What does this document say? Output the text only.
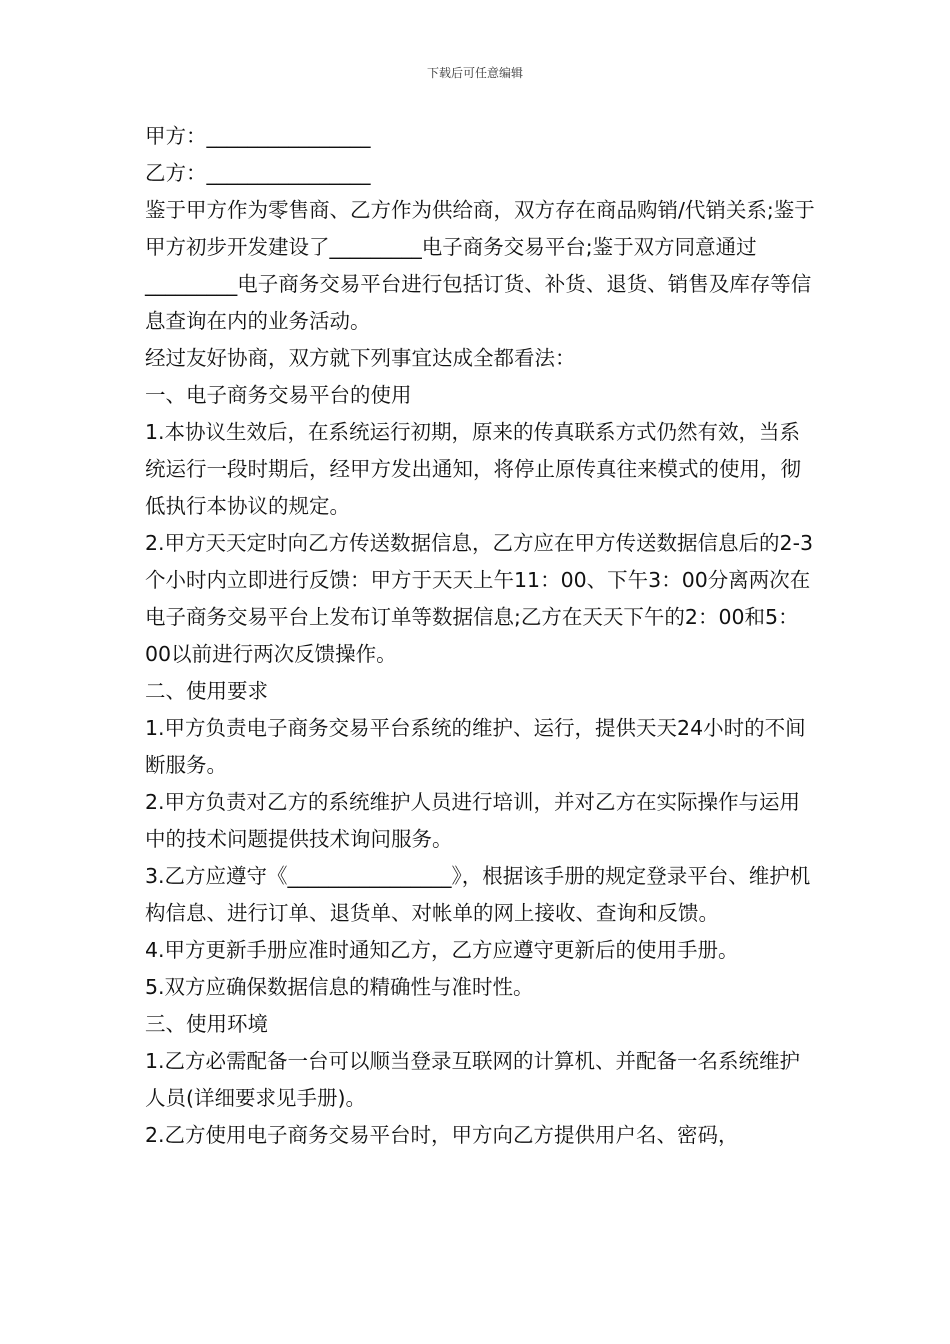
下载后可任意编辑

甲方：________________

乙方：________________

鉴于甲方作为零售商、乙方作为供给商，双方存在商品购销/代销关系;鉴于甲方初步开发建设了_________电子商务交易平台;鉴于双方同意通过_________电子商务交易平台进行包括订货、补货、退货、销售及库存等信息查询在内的业务活动。

经过友好协商，双方就下列事宜达成全都看法：

一、电子商务交易平台的使用

1.本协议生效后，在系统运行初期，原来的传真联系方式仍然有效，当系统运行一段时期后，经甲方发出通知，将停止原传真往来模式的使用，彻低执行本协议的规定。

2.甲方天天定时向乙方传送数据信息，乙方应在甲方传送数据信息后的2-3个小时内立即进行反馈：甲方于天天上午11：00、下午3：00分离两次在电子商务交易平台上发布订单等数据信息;乙方在天天下午的2：00和5：00以前进行两次反馈操作。

二、使用要求

1.甲方负责电子商务交易平台系统的维护、运行，提供天天24小时的不间断服务。

2.甲方负责对乙方的系统维护人员进行培训，并对乙方在实际操作与运用中的技术问题提供技术询问服务。

3.乙方应遵守《________________》，根据该手册的规定登录平台、维护机构信息、进行订单、退货单、对帐单的网上接收、查询和反馈。

4.甲方更新手册应准时通知乙方，乙方应遵守更新后的使用手册。

5.双方应确保数据信息的精确性与准时性。

三、使用环境

1.乙方必需配备一台可以顺当登录互联网的计算机、并配备一名系统维护人员(详细要求见手册)。

2.乙方使用电子商务交易平台时，甲方向乙方提供用户名、密码，
